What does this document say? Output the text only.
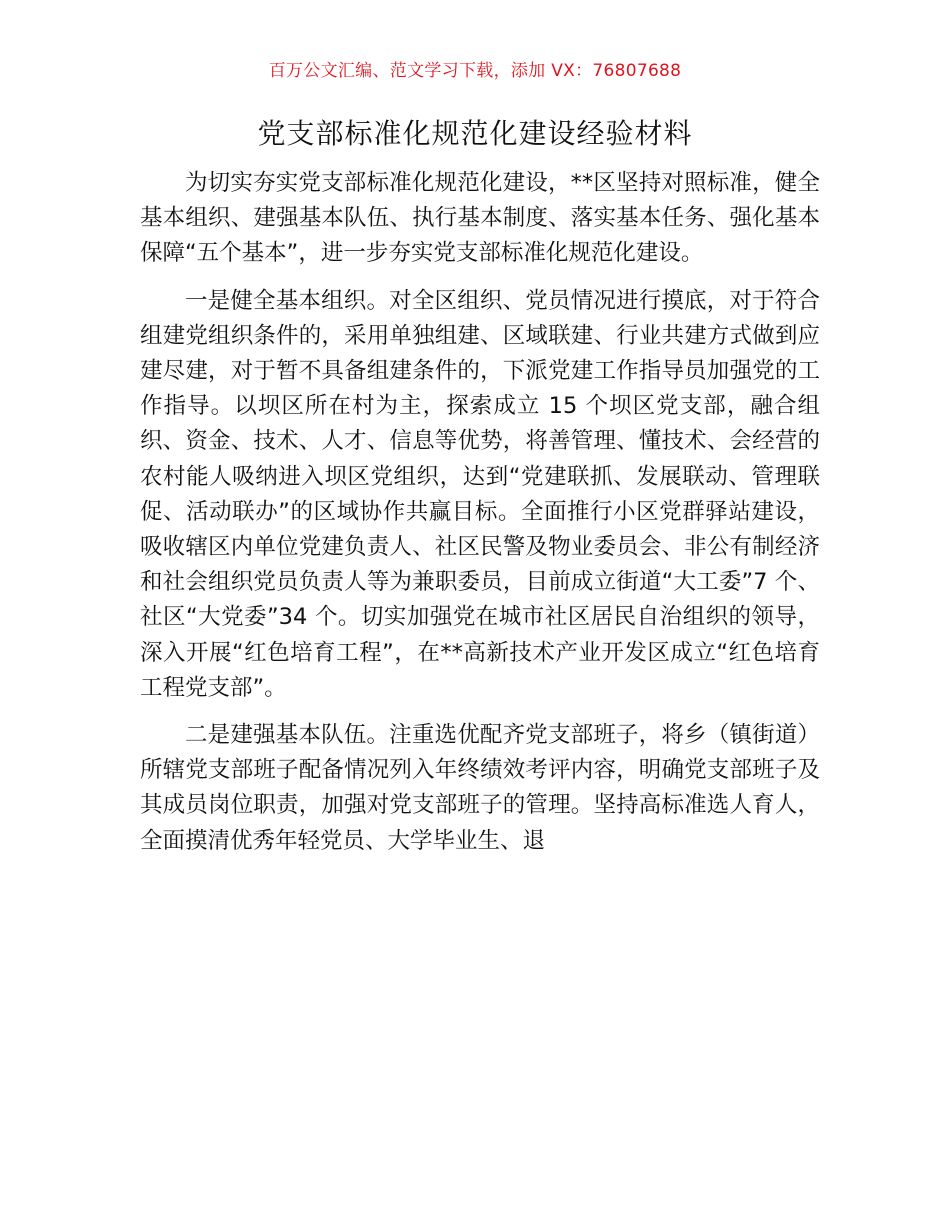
百万公文汇编、范文学习下载，添加 VX：76807688
党支部标准化规范化建设经验材料

为切实夯实党支部标准化规范化建设，**区坚持对照标准，健全基本组织、建强基本队伍、执行基本制度、落实基本任务、强化基本保障“五个基本”，进一步夯实党支部标准化规范化建设。

一是健全基本组织。对全区组织、党员情况进行摸底，对于符合组建党组织条件的，采用单独组建、区域联建、行业共建方式做到应建尽建，对于暂不具备组建条件的，下派党建工作指导员加强党的工作指导。以坝区所在村为主，探索成立 15 个坝区党支部，融合组织、资金、技术、人才、信息等优势，将善管理、懂技术、会经营的农村能人吸纳进入坝区党组织，达到“党建联抓、发展联动、管理联促、活动联办”的区域协作共赢目标。全面推行小区党群驿站建设，吸收辖区内单位党建负责人、社区民警及物业委员会、非公有制经济和社会组织党员负责人等为兼职委员，目前成立街道“大工委”7 个、社区“大党委”34 个。切实加强党在城市社区居民自治组织的领导，深入开展“红色培育工程”，在**高新技术产业开发区成立“红色培育工程党支部”。

二是建强基本队伍。注重选优配齐党支部班子，将乡（镇街道）所辖党支部班子配备情况列入年终绩效考评内容，明确党支部班子及其成员岗位职责，加强对党支部班子的管理。坚持高标准选人育人，全面摸清优秀年轻党员、大学毕业生、退
